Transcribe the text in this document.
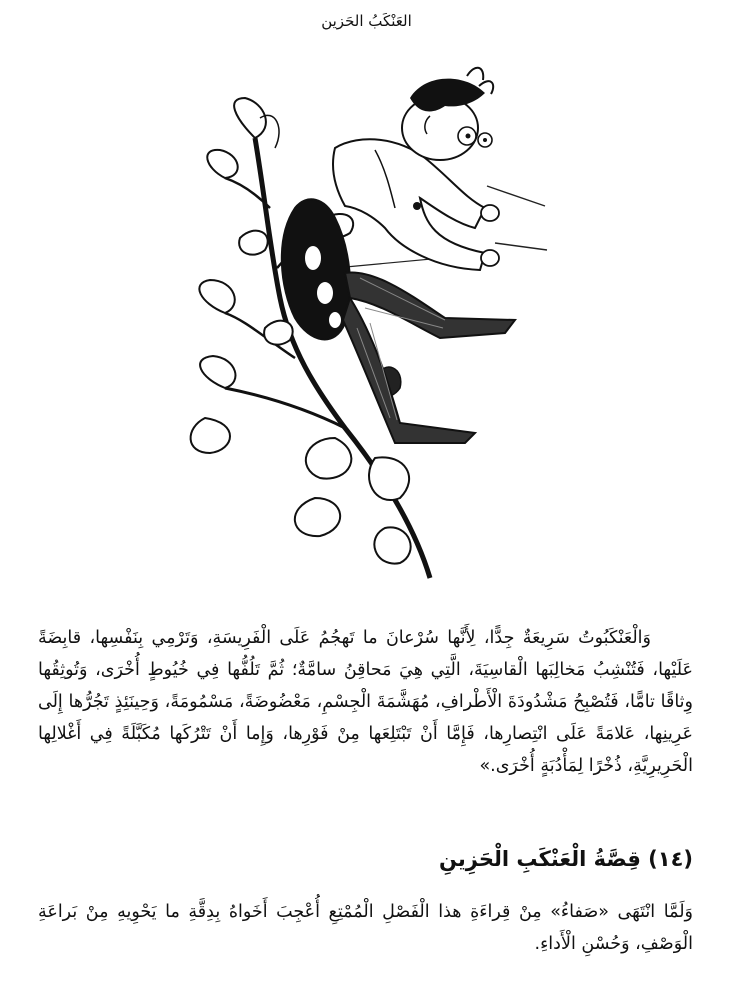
العَنْكَبُ الحَزين

وَالْعَنْكَبُوتُ سَرِيعَةٌ جِدًّا، لِأَنَّها سُرْعانَ ما تَهجُمُ عَلَى الْفَرِيسَةِ، وَتَرْمِي بِنَفْسِها، قابِضَةً عَلَيْها، فَتُنْشِبُ مَخالِبَها الْقاسِيَةَ، الَّتِي هِيَ مَحاقِنُ سامَّةٌ؛ ثُمَّ تَلُفُّها فِي خُيُوطٍ أُخْرَى، وَتُوثِقُها وِثاقًا تامًّا، فَتُصْبِحُ مَشْدُودَةَ الْأَطْرافِ، مُهَشَّمَةَ الْجِسْمِ، مَعْضُوضَةً، مَسْمُومَةً، وَحِينَئِذٍ تَجُرُّها إِلَى عَرِينِها، عَلامَةً عَلَى انْتِصارِها، فَإِمَّا أَنْ تَبْتَلِعَها مِنْ فَوْرِها، وَإِما أَنْ تَتْرُكَها مُكَبَّلَةً فِي أَغْلالِها الْحَرِيرِيَّةِ، ذُخْرًا لِمَأْدُبَةٍ أُخْرَى.»

(١٤) قِصَّةُ الْعَنْكَبِ الْحَزِينِ

وَلَمَّا انْتَهَى «صَفاءُ» مِنْ قِراءَةِ هذا الْفَصْلِ الْمُمْتِعِ أُعْجِبَ أَخَواهُ بِدِقَّةِ ما يَحْوِيهِ مِنْ بَراعَةِ الْوَصْفِ، وَحُسْنِ الْأَداءِ.
